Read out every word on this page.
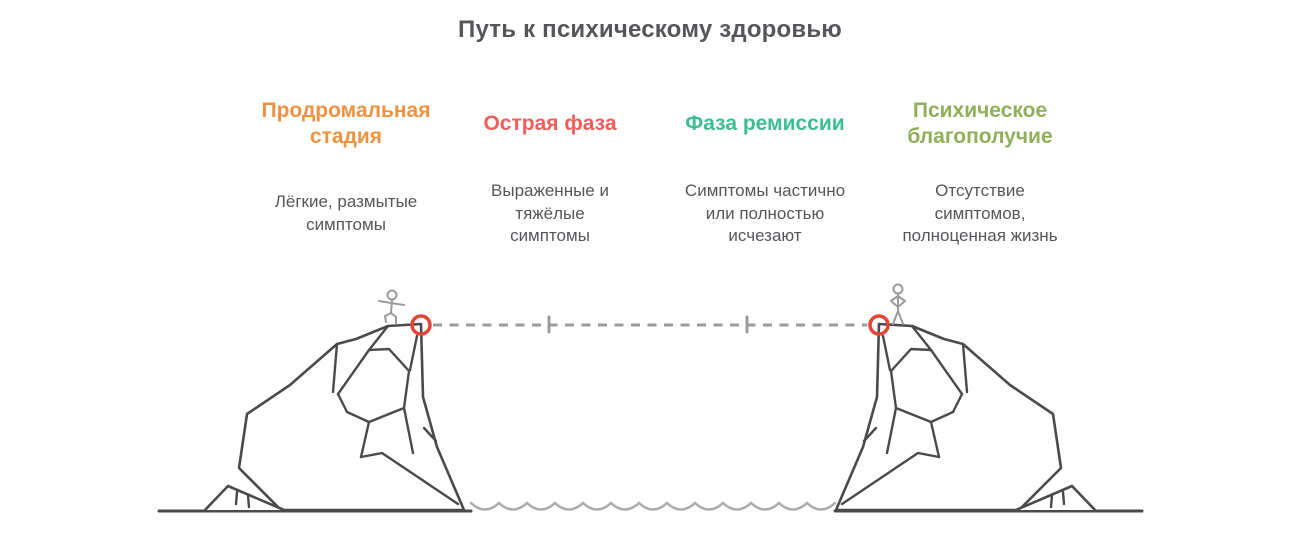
Путь к психическому здоровью
Продромальная
стадия
Лёгкие, размытые
симптомы
Острая фаза
Выраженные и
тяжёлые
симптомы
Фаза ремиссии
Симптомы частично
или полностью
исчезают
Психическое
благополучие
Отсутствие
симптомов,
полноценная жизнь
